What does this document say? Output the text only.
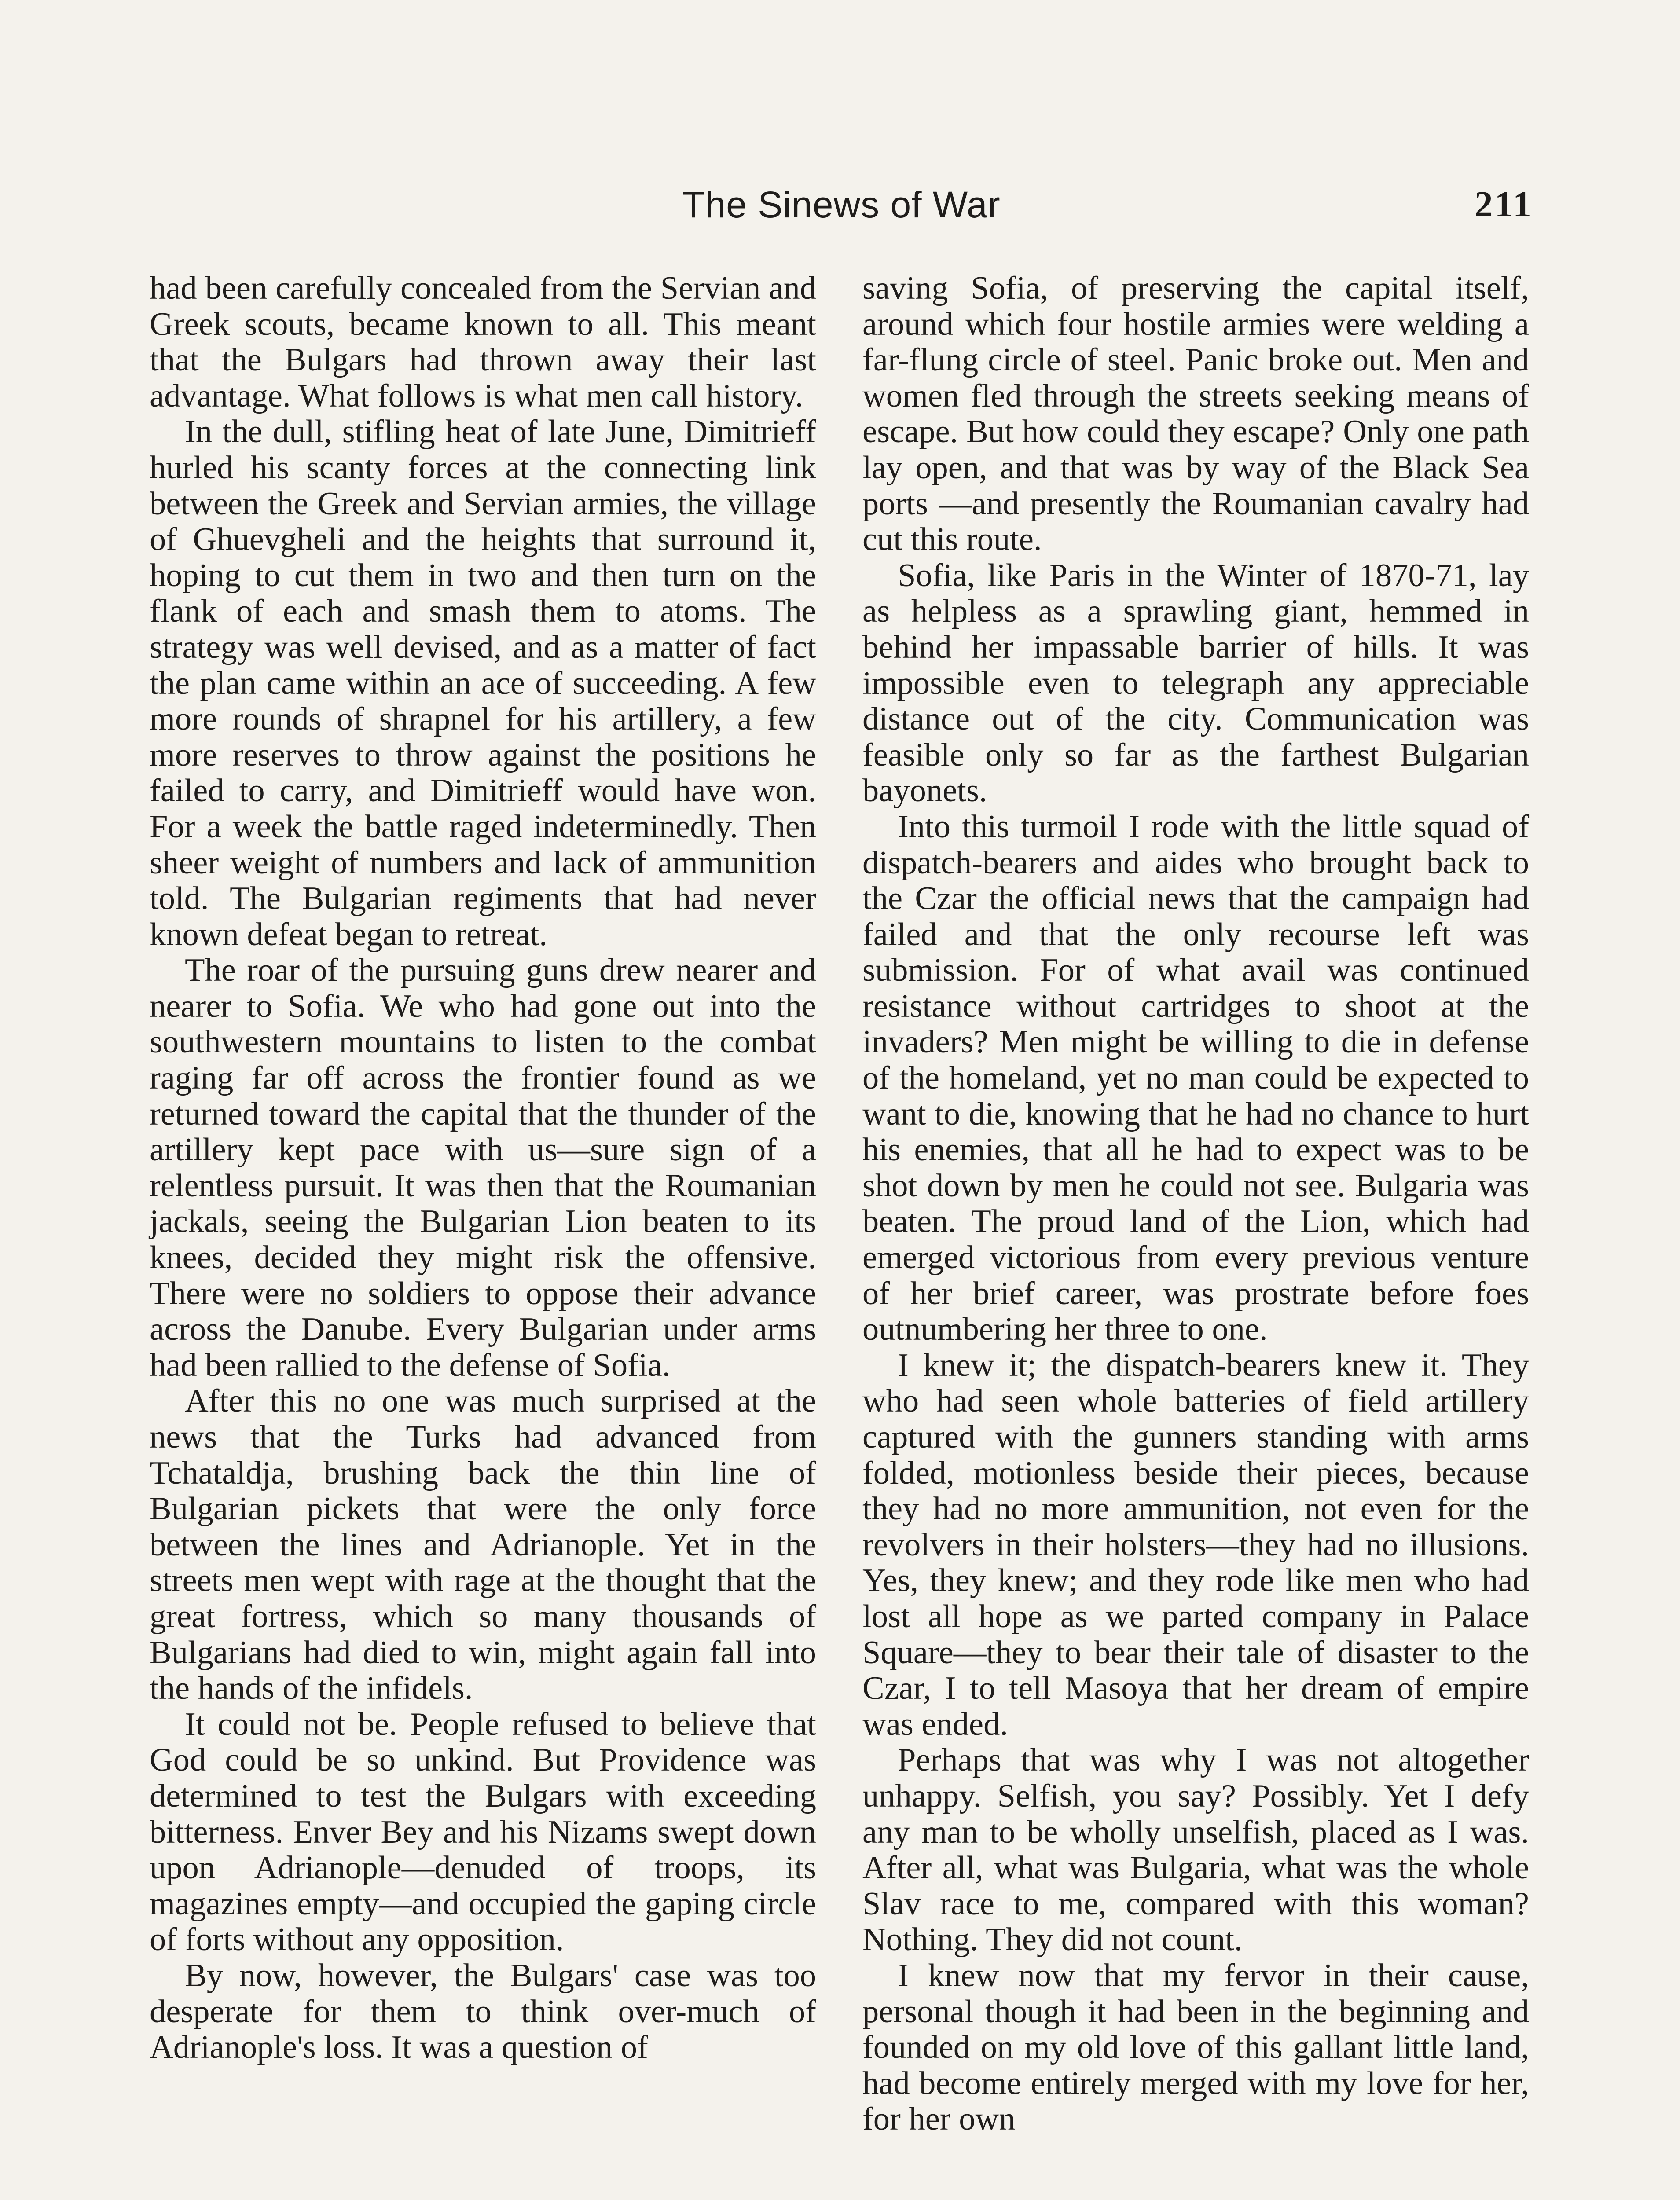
The Sinews of War	211

had been carefully concealed from the Servian and Greek scouts, became known to all. This meant that the Bulgars had thrown away their last advantage. What follows is what men call history.

In the dull, stifling heat of late June, Dimitrieff hurled his scanty forces at the connecting link between the Greek and Servian armies, the village of Ghuevgheli and the heights that surround it, hoping to cut them in two and then turn on the flank of each and smash them to atoms. The strategy was well devised, and as a matter of fact the plan came within an ace of succeeding. A few more rounds of shrapnel for his artillery, a few more reserves to throw against the positions he failed to carry, and Dimitrieff would have won. For a week the battle raged indeterminedly. Then sheer weight of numbers and lack of ammunition told. The Bulgarian regiments that had never known defeat began to retreat.

The roar of the pursuing guns drew nearer and nearer to Sofia. We who had gone out into the southwestern mountains to listen to the combat raging far off across the frontier found as we returned toward the capital that the thunder of the artillery kept pace with us—sure sign of a relentless pursuit. It was then that the Roumanian jackals, seeing the Bulgarian Lion beaten to its knees, decided they might risk the offensive. There were no soldiers to oppose their advance across the Danube. Every Bulgarian under arms had been rallied to the defense of Sofia.

After this no one was much surprised at the news that the Turks had advanced from Tchataldja, brushing back the thin line of Bulgarian pickets that were the only force between the lines and Adrianople. Yet in the streets men wept with rage at the thought that the great fortress, which so many thousands of Bulgarians had died to win, might again fall into the hands of the infidels.

It could not be. People refused to believe that God could be so unkind. But Providence was determined to test the Bulgars with exceeding bitterness. Enver Bey and his Nizams swept down upon Adrianople—denuded of troops, its magazines empty—and occupied the gaping circle of forts without any opposition.

By now, however, the Bulgars' case was too desperate for them to think over-much of Adrianople's loss. It was a question of

saving Sofia, of preserving the capital itself, around which four hostile armies were welding a far-flung circle of steel. Panic broke out. Men and women fled through the streets seeking means of escape. But how could they escape? Only one path lay open, and that was by way of the Black Sea ports —and presently the Roumanian cavalry had cut this route.

Sofia, like Paris in the Winter of 1870-71, lay as helpless as a sprawling giant, hemmed in behind her impassable barrier of hills. It was impossible even to telegraph any appreciable distance out of the city. Communication was feasible only so far as the farthest Bulgarian bayonets.

Into this turmoil I rode with the little squad of dispatch-bearers and aides who brought back to the Czar the official news that the campaign had failed and that the only recourse left was submission. For of what avail was continued resistance without cartridges to shoot at the invaders? Men might be willing to die in defense of the homeland, yet no man could be expected to want to die, knowing that he had no chance to hurt his enemies, that all he had to expect was to be shot down by men he could not see. Bulgaria was beaten. The proud land of the Lion, which had emerged victorious from every previous venture of her brief career, was prostrate before foes outnumbering her three to one.

I knew it; the dispatch-bearers knew it. They who had seen whole batteries of field artillery captured with the gunners standing with arms folded, motionless beside their pieces, because they had no more ammunition, not even for the revolvers in their holsters—they had no illusions. Yes, they knew; and they rode like men who had lost all hope as we parted company in Palace Square—they to bear their tale of disaster to the Czar, I to tell Masoya that her dream of empire was ended.

Perhaps that was why I was not altogether unhappy. Selfish, you say? Possibly. Yet I defy any man to be wholly unselfish, placed as I was. After all, what was Bulgaria, what was the whole Slav race to me, compared with this woman? Nothing. They did not count.

I knew now that my fervor in their cause, personal though it had been in the beginning and founded on my old love of this gallant little land, had become entirely merged with my love for her, for her own
